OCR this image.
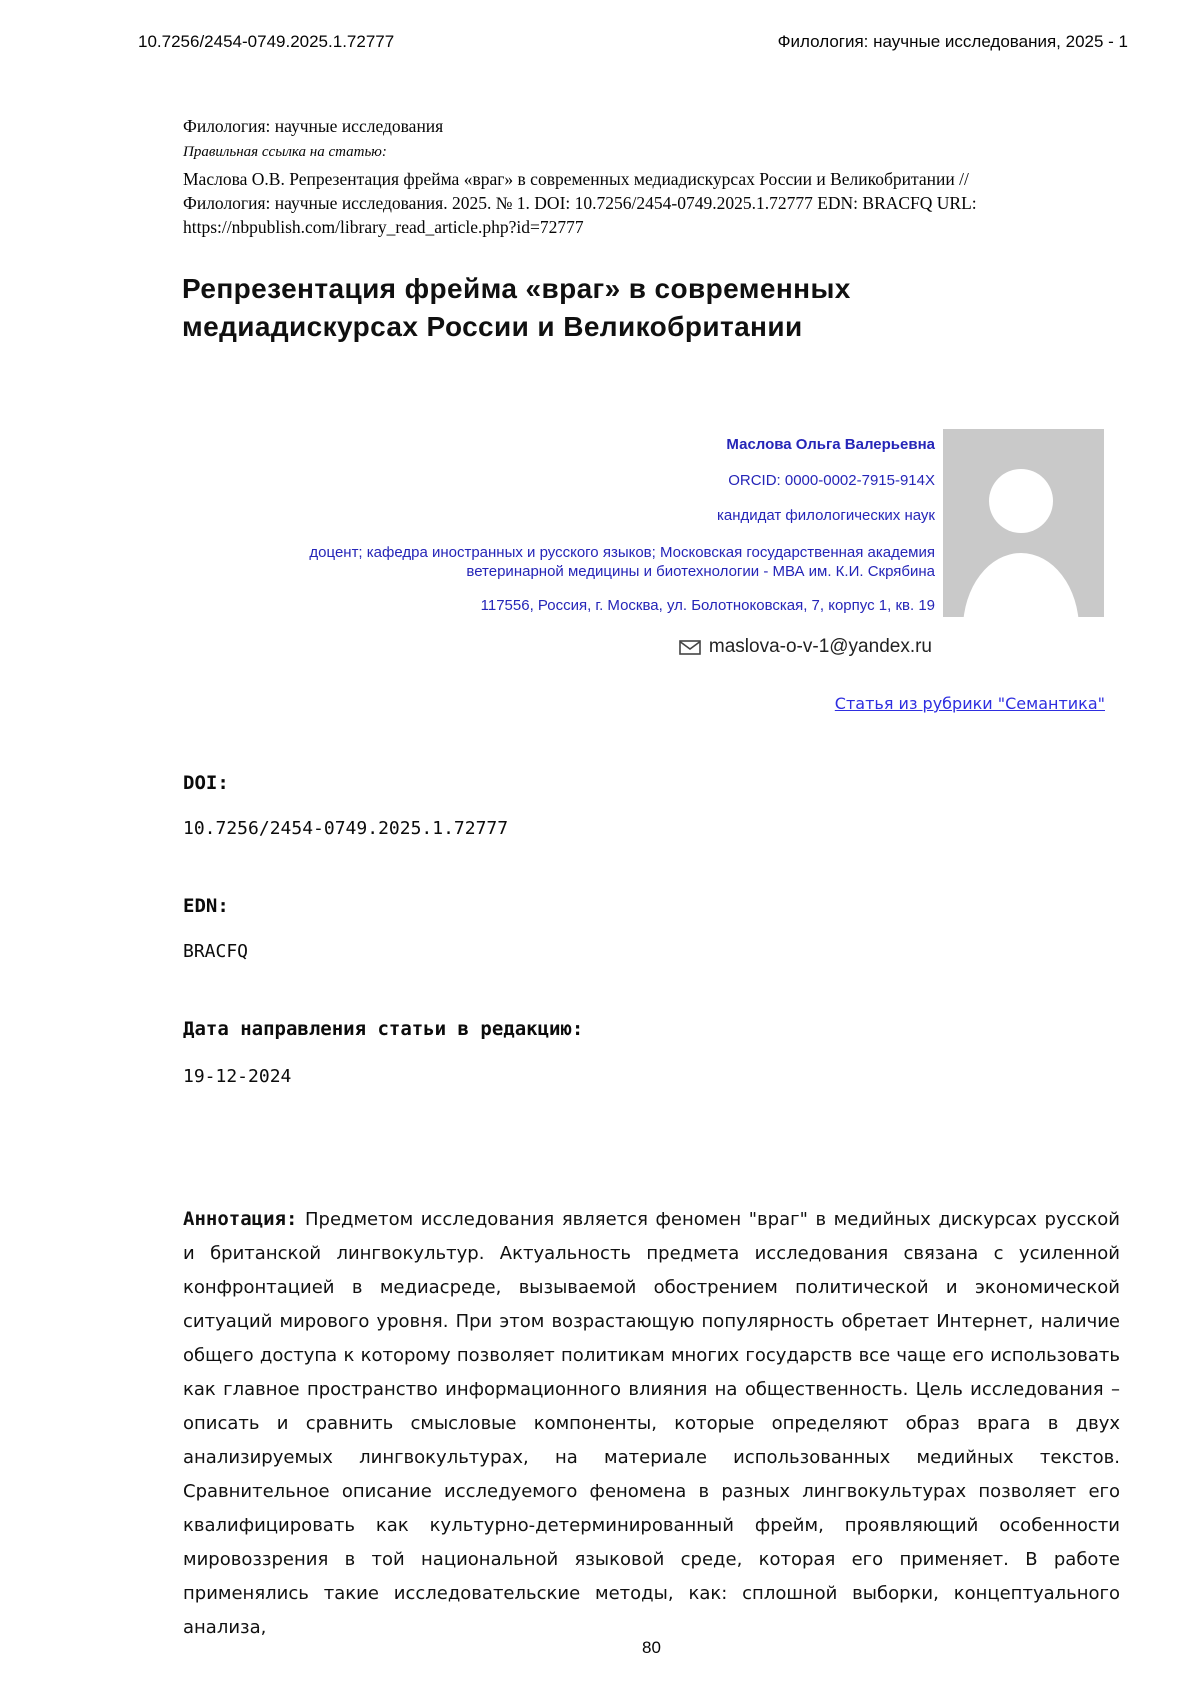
10.7256/2454-0749.2025.1.72777	Филология: научные исследования, 2025 - 1
Филология: научные исследования
Правильная ссылка на статью:
Маслова О.В. Репрезентация фрейма «враг» в современных медиадискурсах России и Великобритании //
Филология: научные исследования. 2025. № 1. DOI: 10.7256/2454-0749.2025.1.72777 EDN: BRACFQ URL:
https://nbpublish.com/library_read_article.php?id=72777
Репрезентация фрейма «враг» в современных
медиадискурсах России и Великобритании
Маслова Ольга Валерьевна
ORCID: 0000-0002-7915-914X
кандидат филологических наук
доцент; кафедра иностранных и русского языков; Московская государственная академия ветеринарной медицины и биотехнологии - МВА им. К.И. Скрябина
117556, Россия, г. Москва, ул. Болотноковская, 7, корпус 1, кв. 19
maslova-o-v-1@yandex.ru
Статья из рубрики "Семантика"
DOI:
10.7256/2454-0749.2025.1.72777
EDN:
BRACFQ
Дата направления статьи в редакцию:
19-12-2024

Аннотация: Предметом исследования является феномен "враг" в медийных дискурсах русской и британской лингвокультур. Актуальность предмета исследования связана с усиленной конфронтацией в медиасреде, вызываемой обострением политической и экономической ситуаций мирового уровня. При этом возрастающую популярность обретает Интернет, наличие общего доступа к которому позволяет политикам многих государств все чаще его использовать как главное пространство информационного влияния на общественность. Цель исследования – описать и сравнить смысловые компоненты, которые определяют образ врага в двух анализируемых лингвокультурах, на материале использованных медийных текстов. Сравнительное описание исследуемого феномена в разных лингвокультурах позволяет его квалифицировать как культурно-детерминированный фрейм, проявляющий особенности мировоззрения в той национальной языковой среде, которая его применяет. В работе применялись такие исследовательские методы, как: сплошной выборки, концептуального анализа,

80
